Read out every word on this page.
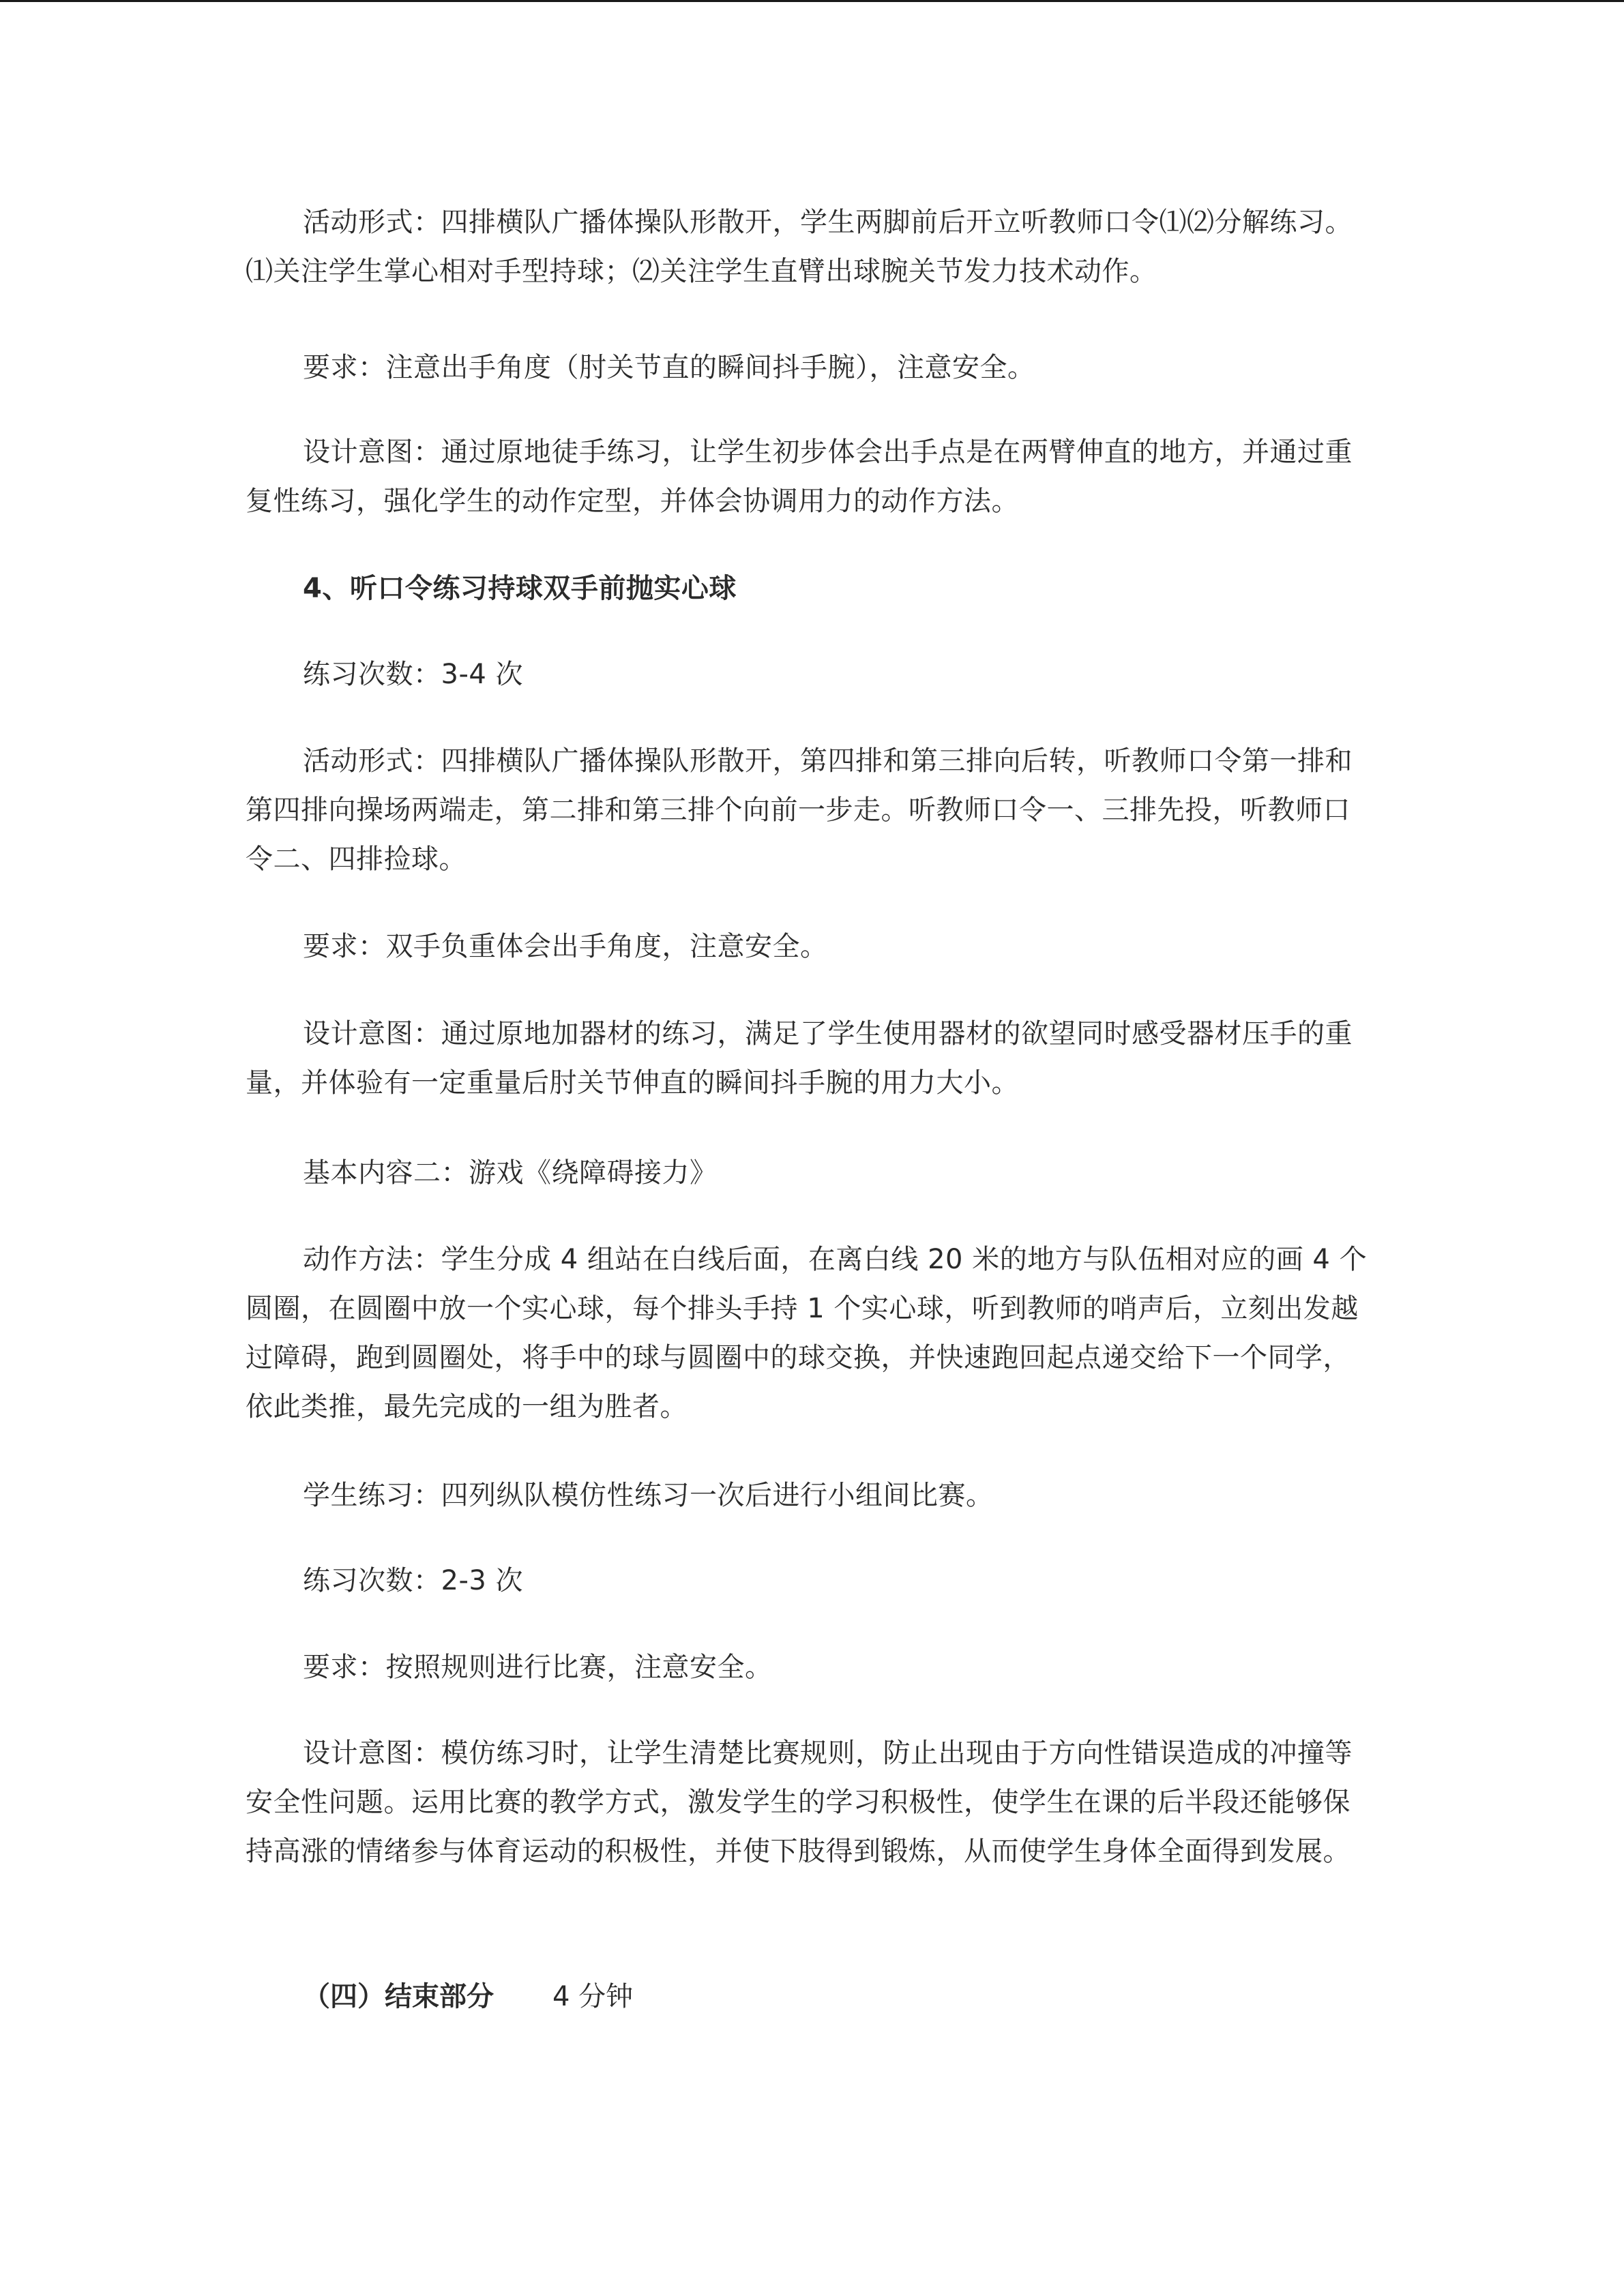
活动形式：四排横队广播体操队形散开，学生两脚前后开立听教师口令⑴⑵分解练习。⑴关注学生掌心相对手型持球；⑵关注学生直臂出球腕关节发力技术动作。

要求：注意出手角度（肘关节直的瞬间抖手腕），注意安全。

设计意图：通过原地徒手练习，让学生初步体会出手点是在两臂伸直的地方，并通过重复性练习，强化学生的动作定型，并体会协调用力的动作方法。

4、听口令练习持球双手前抛实心球

练习次数：3-4 次

活动形式：四排横队广播体操队形散开，第四排和第三排向后转，听教师口令第一排和第四排向操场两端走，第二排和第三排个向前一步走。听教师口令一、三排先投，听教师口令二、四排捡球。

要求：双手负重体会出手角度，注意安全。

设计意图：通过原地加器材的练习，满足了学生使用器材的欲望同时感受器材压手的重量，并体验有一定重量后肘关节伸直的瞬间抖手腕的用力大小。

基本内容二：游戏《绕障碍接力》

动作方法：学生分成 4 组站在白线后面，在离白线 20 米的地方与队伍相对应的画 4 个圆圈，在圆圈中放一个实心球，每个排头手持 1 个实心球，听到教师的哨声后，立刻出发越过障碍，跑到圆圈处，将手中的球与圆圈中的球交换，并快速跑回起点递交给下一个同学，依此类推，最先完成的一组为胜者。

学生练习：四列纵队模仿性练习一次后进行小组间比赛。

练习次数：2-3 次

要求：按照规则进行比赛，注意安全。

设计意图：模仿练习时，让学生清楚比赛规则，防止出现由于方向性错误造成的冲撞等安全性问题。运用比赛的教学方式，激发学生的学习积极性，使学生在课的后半段还能够保持高涨的情绪参与体育运动的积极性，并使下肢得到锻炼，从而使学生身体全面得到发展。

（四）结束部分 4 分钟
